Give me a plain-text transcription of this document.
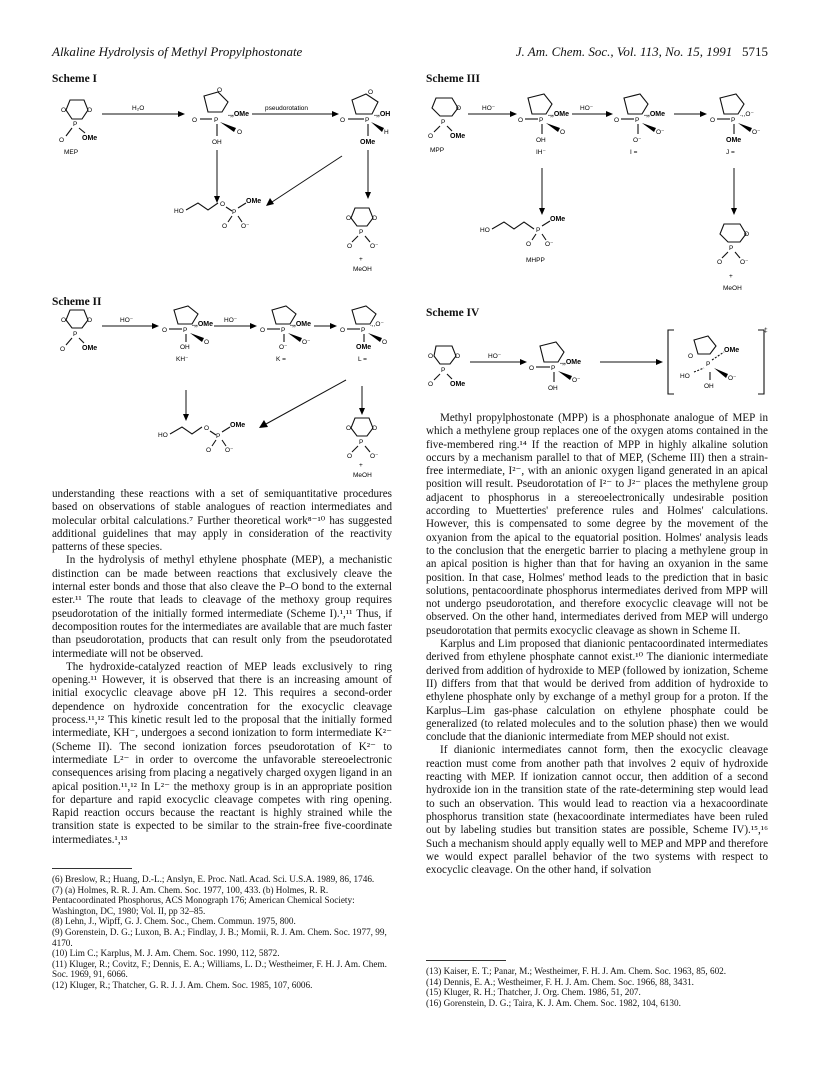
Alkaline Hydrolysis of Methyl Propylphostonate	J. Am. Chem. Soc., Vol. 113, No. 15, 1991 5715
Scheme I
O	O
P
O	OMe
MEP
H₂O
O
O	P
.,,OMe
O
OH
pseudorotation
O
O	P
.,,OH
H
OMe
HO
O
P
OMe
O O⁻
O	O
P
O	O⁻
+
MeOH
Scheme II
O	O
P
O OMe
HO⁻
O P
.,,OMe
O
OH
KH⁻
HO⁻
O P
.,,OMe
O⁻
O⁻
K =
O P
.,,O⁻
O
OMe
L =
HO
O
P
OMe
O O⁻
O	O
P
O	O⁻
+
MeOH
Scheme III
O
P
O OMe
MPP
HO⁻
O P
.,,OMe
O
OH
IH⁻
HO⁻
O P
.,,OMe
O⁻
O⁻
I =
O P
.,,O⁻
O⁻
OMe
J =
HO	P
OMe
O O⁻
MHPP
O
P
O	O⁻
+
MeOH
Scheme IV
O	O
P
O OMe
HO⁻
O	P
.,,OMe
O⁻
OH
‡
O
P
OMe
O⁻
HO
OH

understanding these reactions with a set of semiquantitative procedures based on observations of stable analogues of reaction intermediates and molecular orbital calculations.⁷ Further theoretical work⁸⁻¹⁰ has suggested additional guidelines that may apply in consideration of the reactivity patterns of these species.

In the hydrolysis of methyl ethylene phosphate (MEP), a mechanistic distinction can be made between reactions that exclusively cleave the internal ester bonds and those that also cleave the P–O bond to the external ester.¹¹ The route that leads to cleavage of the methoxy group requires pseudorotation of the initially formed intermediate (Scheme I).¹,¹¹ Thus, if decomposition routes for the intermediates are available that are much faster than pseudorotation, products that can result only from the pseudorotated intermediate will not be observed.

The hydroxide-catalyzed reaction of MEP leads exclusively to ring opening.¹¹ However, it is observed that there is an increasing amount of initial exocyclic cleavage above pH 12. This requires a second-order dependence on hydroxide concentration for the exocyclic cleavage process.¹¹,¹² This kinetic result led to the proposal that the initially formed intermediate, KH⁻, undergoes a second ionization to form intermediate K²⁻ (Scheme II). The second ionization forces pseudorotation of K²⁻ to intermediate L²⁻ in order to overcome the unfavorable stereoelectronic consequences arising from placing a negatively charged oxygen ligand in an apical position.¹¹,¹² In L²⁻ the methoxy group is in an appropriate position for departure and rapid exocyclic cleavage competes with ring opening. Rapid reaction occurs because the reactant is highly strained while the transition state is expected to be similar to the strain-free five-coordinate intermediates.¹,¹³

Methyl propylphostonate (MPP) is a phosphonate analogue of MEP in which a methylene group replaces one of the oxygen atoms contained in the five-membered ring.¹⁴ If the reaction of MPP in highly alkaline solution occurs by a mechanism parallel to that of MEP, (Scheme III) then a strain-free intermediate, I²⁻, with an anionic oxygen ligand generated in an apical position will result. Pseudorotation of I²⁻ to J²⁻ places the methylene group adjacent to phosphorus in a stereoelectronically undesirable position according to Muetterties' preference rules and Holmes' calculations. However, this is compensated to some degree by the movement of the oxyanion from the apical to the equatorial position. Holmes' analysis leads to the conclusion that the energetic barrier to placing a methylene group in an apical position is higher than that for having an oxyanion in the same position. In that case, Holmes' method leads to the prediction that in basic solutions, pentacoordinate phosphorus intermediates derived from MPP will not undergo pseudorotation, and therefore exocyclic cleavage will not be observed. On the other hand, intermediates derived from MEP will undergo pseudorotation that permits exocyclic cleavage as shown in Scheme II.

Karplus and Lim proposed that dianionic pentacoordinated intermediates derived from ethylene phosphate cannot exist.¹⁰ The dianionic intermediate derived from addition of hydroxide to MEP (followed by ionization, Scheme II) differs from that that would be derived from addition of hydroxide to ethylene phosphate only by exchange of a methyl group for a proton. If the Karplus–Lim gas-phase calculation on ethylene phosphate could be generalized (to related molecules and to the solution phase) then we would conclude that the dianionic intermediate from MEP should not exist.

If dianionic intermediates cannot form, then the exocyclic cleavage reaction must come from another path that involves 2 equiv of hydroxide reacting with MEP. If ionization cannot occur, then addition of a second hydroxide ion in the transition state of the rate-determining step would lead to such an observation. This would lead to reaction via a hexacoordinate phosphorus transition state (hexacoordinate intermediates have been ruled out by labeling studies but transition states are possible, Scheme IV).¹⁵,¹⁶ Such a mechanism should apply equally well to MEP and MPP and therefore we would expect parallel behavior of the two systems with respect to exocyclic cleavage. On the other hand, if solvation

(6) Breslow, R.; Huang, D.-L.; Anslyn, E. Proc. Natl. Acad. Sci. U.S.A. 1989, 86, 1746.
(7) (a) Holmes, R. R. J. Am. Chem. Soc. 1977, 100, 433. (b) Holmes, R. R. Pentacoordinated Phosphorus, ACS Monograph 176; American Chemical Society: Washington, DC, 1980; Vol. II, pp 32–85.
(8) Lehn, J., Wipff, G. J. Chem. Soc., Chem. Commun. 1975, 800.
(9) Gorenstein, D. G.; Luxon, B. A.; Findlay, J. B.; Momii, R. J. Am. Chem. Soc. 1977, 99, 4170.
(10) Lim C.; Karplus, M. J. Am. Chem. Soc. 1990, 112, 5872.
(11) Kluger, R.; Covitz, F.; Dennis, E. A.; Williams, L. D.; Westheimer, F. H. J. Am. Chem. Soc. 1969, 91, 6066.
(12) Kluger, R.; Thatcher, G. R. J. J. Am. Chem. Soc. 1985, 107, 6006.
(13) Kaiser, E. T.; Panar, M.; Westheimer, F. H. J. Am. Chem. Soc. 1963, 85, 602.
(14) Dennis, E. A.; Westheimer, F. H. J. Am. Chem. Soc. 1966, 88, 3431.
(15) Kluger, R. H.; Thatcher, J. Org. Chem. 1986, 51, 207.
(16) Gorenstein, D. G.; Taira, K. J. Am. Chem. Soc. 1982, 104, 6130.
